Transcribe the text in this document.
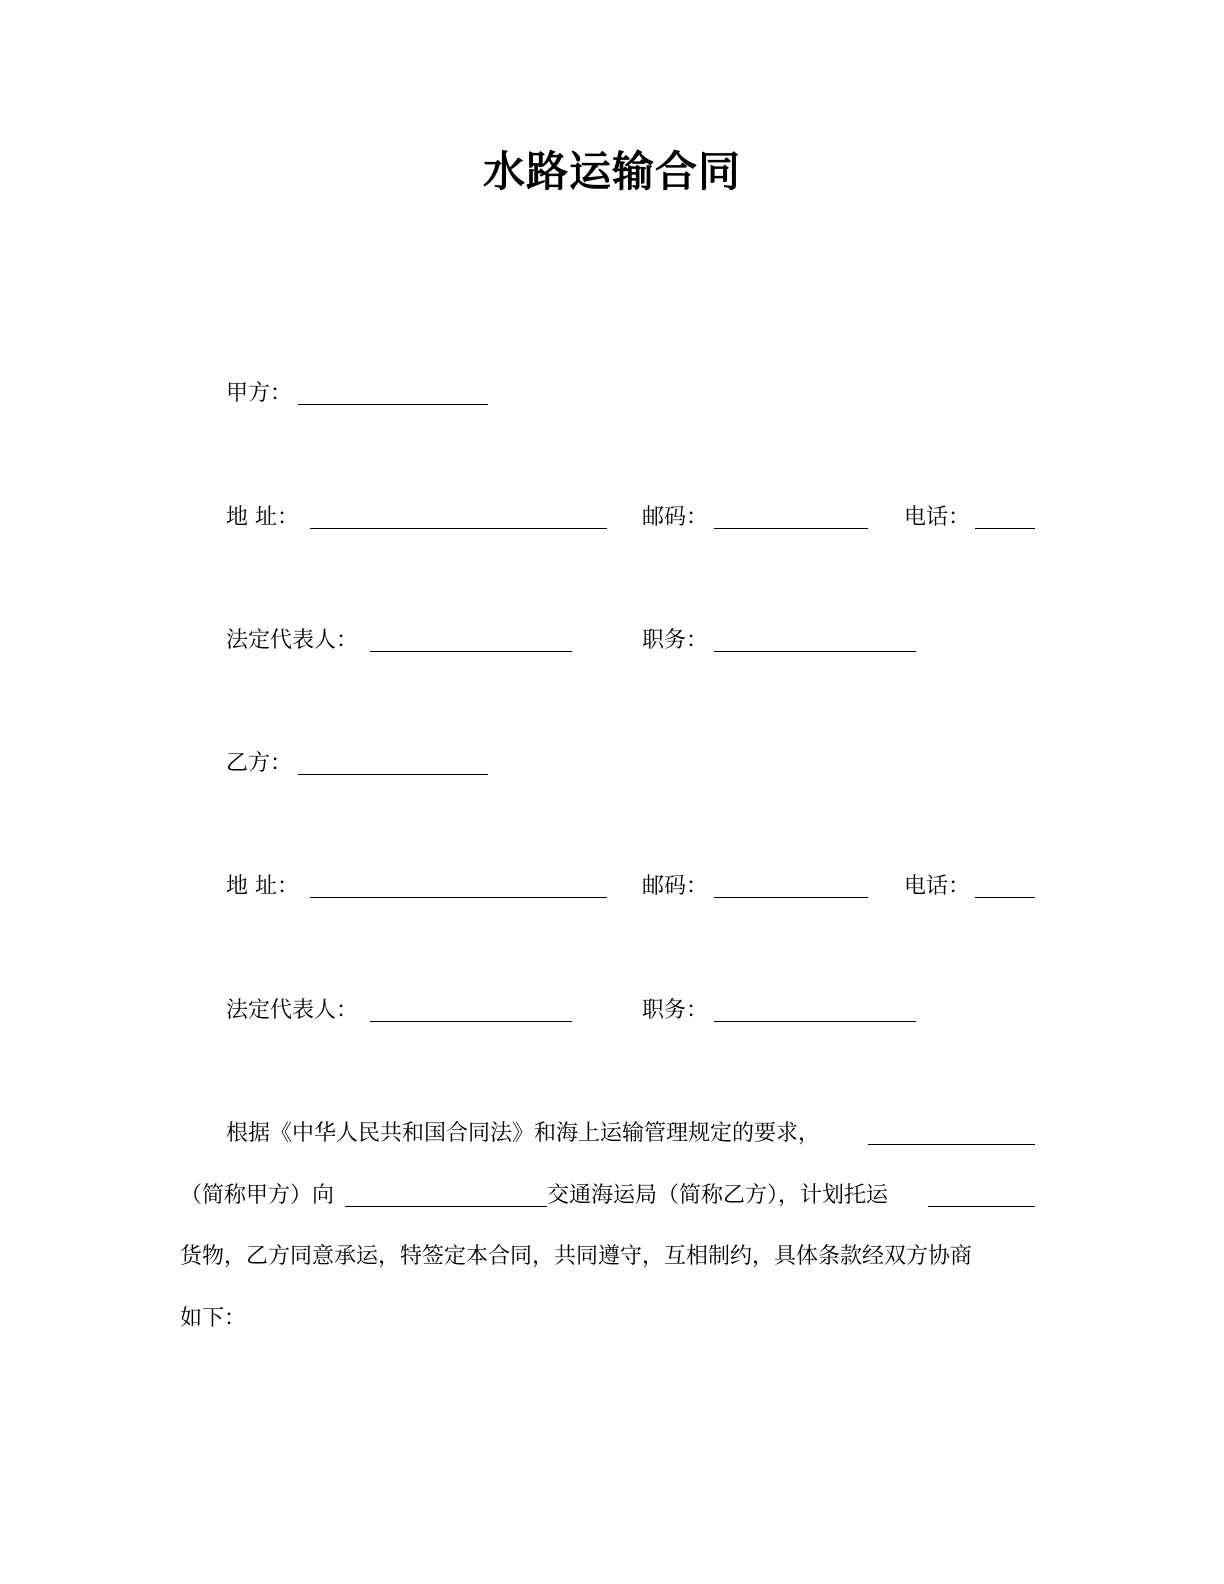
水路运输合同
甲方：
地 址：	邮码：	电话：
法定代表人：	职务：
乙方：
地 址：	邮码：	电话：
法定代表人：	职务：
根据《中华人民共和国合同法》和海上运输管理规定的要求，
（简称甲方）向	交通海运局（简称乙方），计划托运
货物，乙方同意承运，特签定本合同，共同遵守，互相制约，具体条款经双方协商
如下：
